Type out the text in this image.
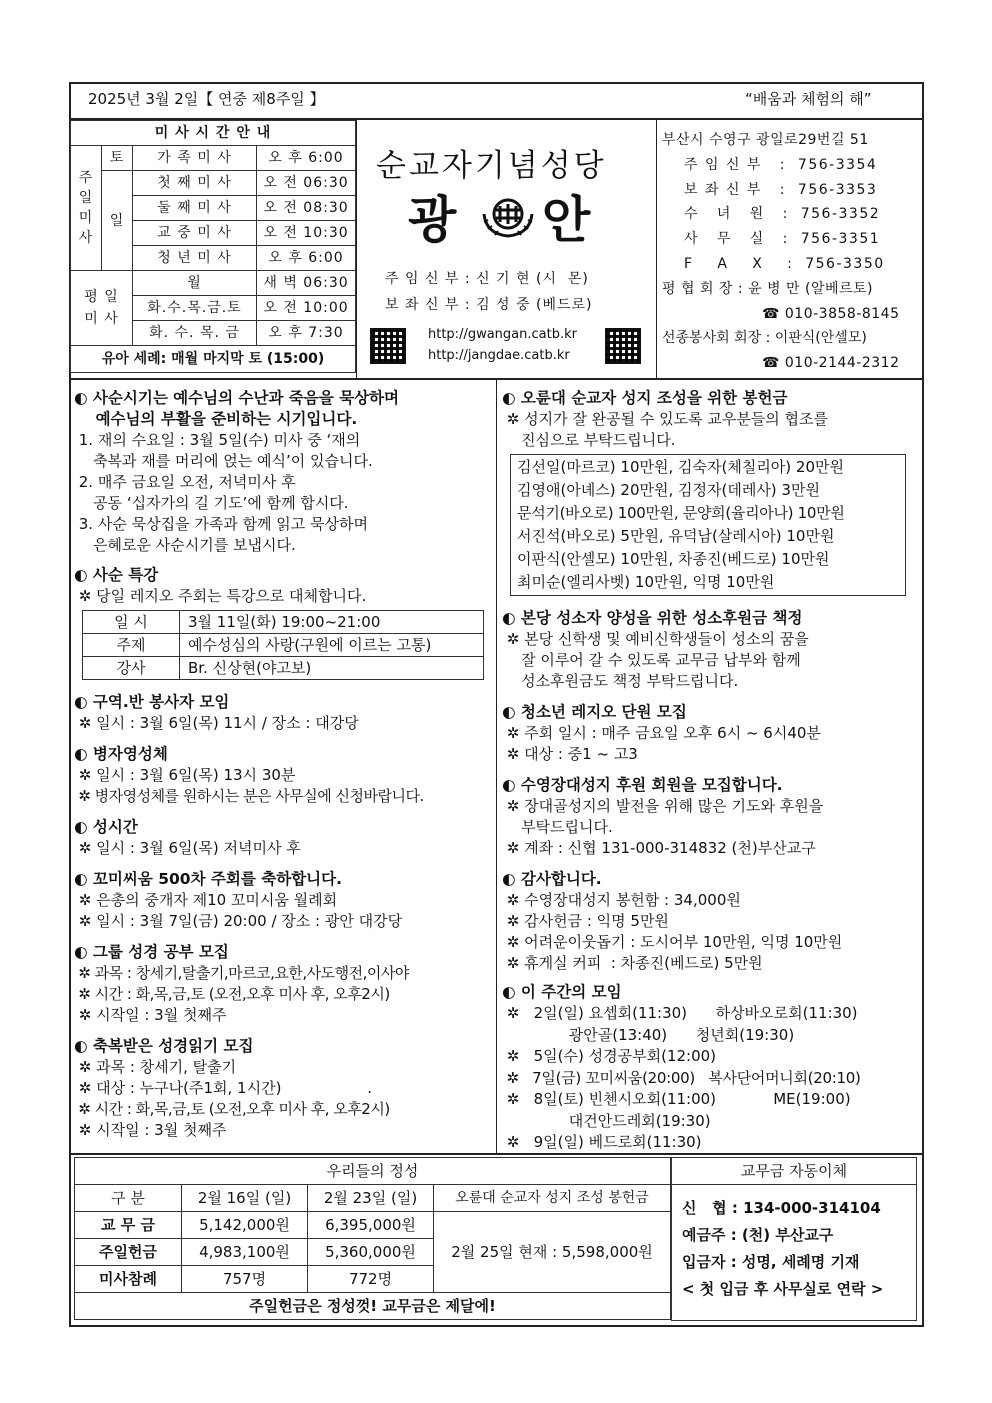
2025년 3월 2일【 연중 제8주일 】	“배움과 체험의 해”
미 사 시 간 안 내			
주
일
미
사	토	가 족 미 사	오 후 6:00
	일	첫 째 미 사	오 전 06:30
		둘 째 미 사	오 전 08:30
		교 중 미 사	오 전 10:30
		청 년 미 사	오 후 6:00
평 일
미 사		월	새 벽 06:30
		화.수.목.금.토	오 전 10:00
		화. 수. 목. 금	오 후 7:30
유아 세례: 매월 마지막 토 (15:00)			
순교자기념성당
광 안
주 임 신 부 : 신 기 현 (시  몬)
보 좌 신 부 : 김 성 중 (베드로)
http://gwangan.catb.kr
http://jangdae.catb.kr
부산시 수영구 광일로29번길 51
주 임 신 부   :  756-3354
보 좌 신 부   :  756-3353
수   녀   원   :  756-3352
사   무   실   :  756-3351
F    A    X    :  756-3350
평 협 회 장 : 윤 병 만 (알베르토)
☎ 010-3858-8145
선종봉사회 회장 : 이판식(안셀모)
☎ 010-2144-2312
◐ 사순시기는 예수님의 수난과 죽음을 묵상하며
예수님의 부활을 준비하는 시기입니다.
1. 재의 수요일 : 3월 5일(수) 미사 중 ‘재의
축복과 재를 머리에 얹는 예식’이 있습니다.
2. 매주 금요일 오전, 저녁미사 후
공동 ‘십자가의 길 기도’에 함께 합시다.
3. 사순 묵상집을 가족과 함께 읽고 묵상하며
은혜로운 사순시기를 보냅시다.
◐ 사순 특강
✲ 당일 레지오 주회는 특강으로 대체합니다.
일 시	3월 11일(화) 19:00~21:00
주제	예수성심의 사랑(구원에 이르는 고통)
강사	Br. 신상현(야고보)
◐ 구역.반 봉사자 모임
✲ 일시 : 3월 6일(목) 11시 / 장소 : 대강당
◐ 병자영성체
✲ 일시 : 3월 6일(목) 13시 30분
✲ 병자영성체를 원하시는 분은 사무실에 신청바랍니다.
◐ 성시간
✲ 일시 : 3월 6일(목) 저녁미사 후
◐ 꼬미씨움 500차 주회를 축하합니다.
✲ 은총의 중개자 제10 꼬미시움 월례회
✲ 일시 : 3월 7일(금) 20:00 / 장소 : 광안 대강당
◐ 그룹 성경 공부 모집
✲ 과목 : 창세기,탈출기,마르코,요한,사도행전,이사야
✲ 시간 : 화,목,금,토 (오전,오후 미사 후, 오후2시)
✲ 시작일 : 3월 첫째주
◐ 축복받은 성경읽기 모집
✲ 과목 : 창세기, 탈출기
✲ 대상 : 누구나(주1회, 1시간)                  .
✲ 시간 : 화,목,금,토 (오전,오후 미사 후, 오후2시)
✲ 시작일 : 3월 첫째주
◐ 오륜대 순교자 성지 조성을 위한 봉헌금
✲ 성지가 잘 완공될 수 있도록 교우분들의 협조를
진심으로 부탁드립니다.
김선일(마르코) 10만원, 김숙자(체칠리아) 20만원
김영애(아녜스) 20만원, 김정자(데레사) 3만원
문석기(바오로) 100만원, 문양희(율리아나) 10만원
서진석(바오로) 5만원, 유덕남(살레시아) 10만원
이판식(안셀모) 10만원, 차종진(베드로) 10만원
최미순(엘리사벳) 10만원, 익명 10만원
◐ 본당 성소자 양성을 위한 성소후원금 책정
✲ 본당 신학생 및 예비신학생들이 성소의 꿈을
잘 이루어 갈 수 있도록 교무금 납부와 함께
성소후원금도 책정 부탁드립니다.
◐ 청소년 레지오 단원 모집
✲ 주회 일시 : 매주 금요일 오후 6시 ~ 6시40분
✲ 대상 : 중1 ~ 고3
◐ 수영장대성지 후원 회원을 모집합니다.
✲ 장대골성지의 발전을 위해 많은 기도와 후원을
부탁드립니다.
✲ 계좌 : 신협 131-000-314832 (천)부산교구
◐ 감사합니다.
✲ 수영장대성지 봉헌함 : 34,000원
✲ 감사헌금 : 익명 5만원
✲ 어려운이웃돕기 : 도시어부 10만원, 익명 10만원
✲ 휴게실 커피  : 차종진(베드로) 5만원
◐ 이 주간의 모임
✲   2일(일) 요셉회(11:30)      하상바오로회(11:30)
광안골(13:40)      청년회(19:30)
✲   5일(수) 성경공부회(12:00)
✲   7일(금) 꼬미씨움(20:00)   복사단어머니회(20:10)
✲   8일(토) 빈첸시오회(11:00)            ME(19:00)
대건안드레회(19:30)
✲   9일(일) 베드로회(11:30)
우리들의 정성			
구 분	2월 16일 (일)	2월 23일 (일)	오륜대 순교자 성지 조성 봉헌금
교 무 금	5,142,000원	6,395,000원	2월 25일 현재 : 5,598,000원
주일헌금	4,983,100원	5,360,000원	
미사참례	757명	772명	
주일헌금은 정성껏! 교무금은 제달에!			
교무금 자동이체
신   협 : 134-000-314104
예금주 : (천) 부산교구
입금자 : 성명, 세례명 기재
< 첫 입금 후 사무실로 연락 >
